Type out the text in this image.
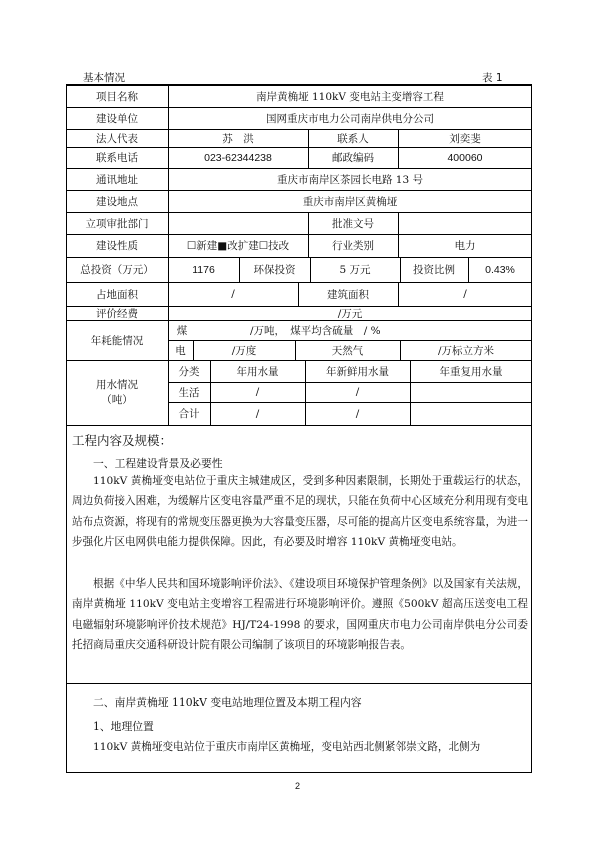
基本情况	表 1
项目名称	南岸黄桷垭 110kV 变电站主变增容工程
建设单位	国网重庆市电力公司南岸供电分公司
法人代表	苏　洪	联系人	刘奕斐
联系电话	023-62344238	邮政编码	400060
通讯地址	重庆市南岸区茶园长电路 13 号
建设地点	重庆市南岸区黄桷垭
立项审批部门	批准文号
建设性质	☐新建■改扩建☐技改	行业类别	电力
总投资（万元）	1176	环保投资	5 万元	投资比例	0.43%
占地面积	/	建筑面积	/
评价经费	/万元
年耗能情况
煤	/万吨，　煤平均含硫量　/ %
电	/万度	天然气	/万标立方米
用水情况
（吨）
分类	年用水量	年新鲜用水量	年重复用水量
生活	/	/
合计	/	/
工程内容及规模：
一、工程建设背景及必要性
110kV 黄桷垭变电站位于重庆主城建成区，受到多种因素限制，长期处于重载运行的状态，周边负荷接入困难，为缓解片区变电容量严重不足的现状，只能在负荷中心区域充分利用现有变电站布点资源，将现有的常规变压器更换为大容量变压器，尽可能的提高片区变电系统容量，为进一步强化片区电网供电能力提供保障。因此，有必要及时增容 110kV 黄桷垭变电站。
根据《中华人民共和国环境影响评价法》、《建设项目环境保护管理条例》以及国家有关法规，南岸黄桷垭 110kV 变电站主变增容工程需进行环境影响评价。遵照《500kV 超高压送变电工程电磁辐射环境影响评价技术规范》HJ/T24-1998 的要求，国网重庆市电力公司南岸供电分公司委托招商局重庆交通科研设计院有限公司编制了该项目的环境影响报告表。
二、南岸黄桷垭 110kV 变电站地理位置及本期工程内容
1、地理位置
110kV 黄桷垭变电站位于重庆市南岸区黄桷垭，变电站西北侧紧邻崇文路，北侧为
2
